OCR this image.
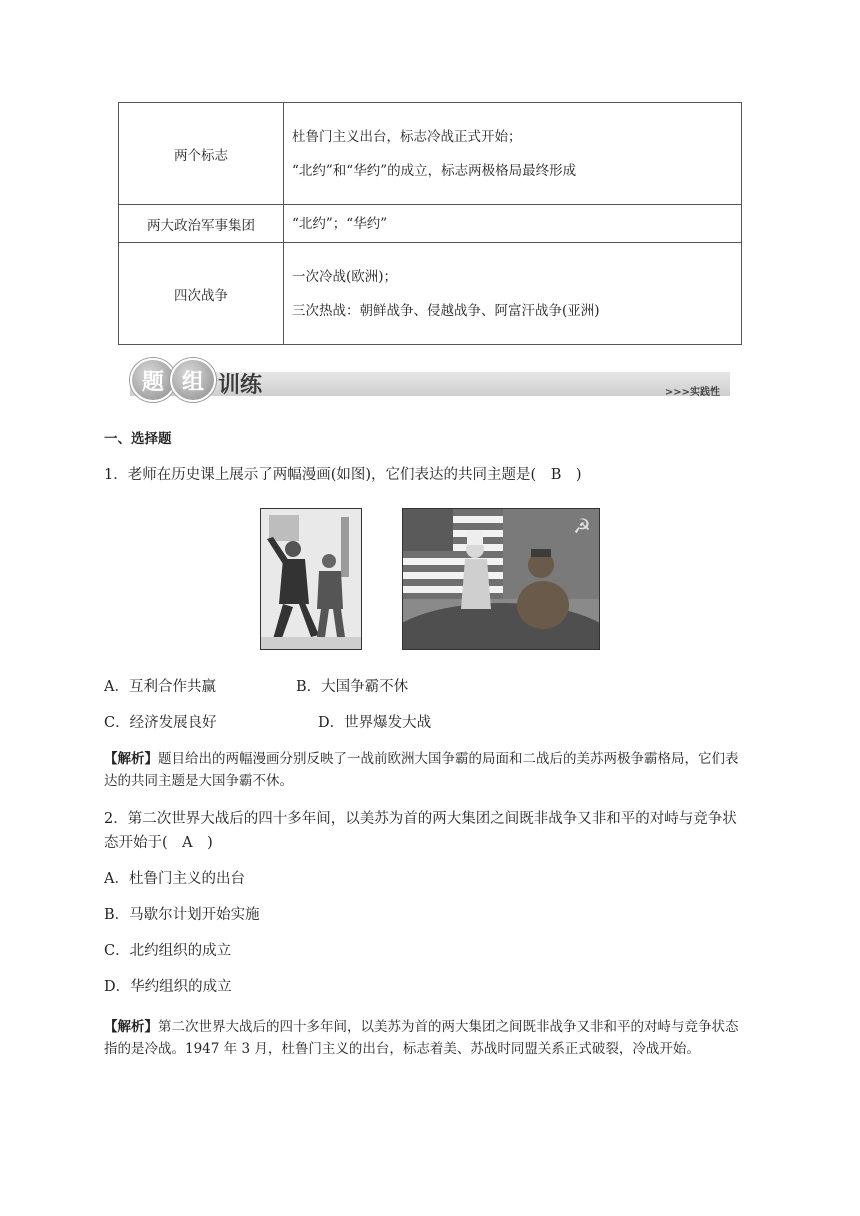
两个标志	杜鲁门主义出台，标志冷战正式开始；
“北约”和“华约”的成立，标志两极格局最终形成

两大政治军事集团	“北约”；“华约”

四次战争	一次冷战(欧洲)；
三次热战：朝鲜战争、侵越战争、阿富汗战争(亚洲)
题 组 训练	>>>实践性
一、选择题
1．老师在历史课上展示了两幅漫画(如图)，它们表达的共同主题是(　B　)
☭
A．互利合作共赢	B．大国争霸不休
C．经济发展良好	D．世界爆发大战
【解析】题目给出的两幅漫画分别反映了一战前欧洲大国争霸的局面和二战后的美苏两极争霸格局，它们表达的共同主题是大国争霸不休。
2．第二次世界大战后的四十多年间，以美苏为首的两大集团之间既非战争又非和平的对峙与竞争状
态开始于(　A　)
A．杜鲁门主义的出台
B．马歇尔计划开始实施
C．北约组织的成立
D．华约组织的成立
【解析】第二次世界大战后的四十多年间，以美苏为首的两大集团之间既非战争又非和平的对峙与竞争状态指的是冷战。1947 年 3 月，杜鲁门主义的出台，标志着美、苏战时同盟关系正式破裂，冷战开始。
